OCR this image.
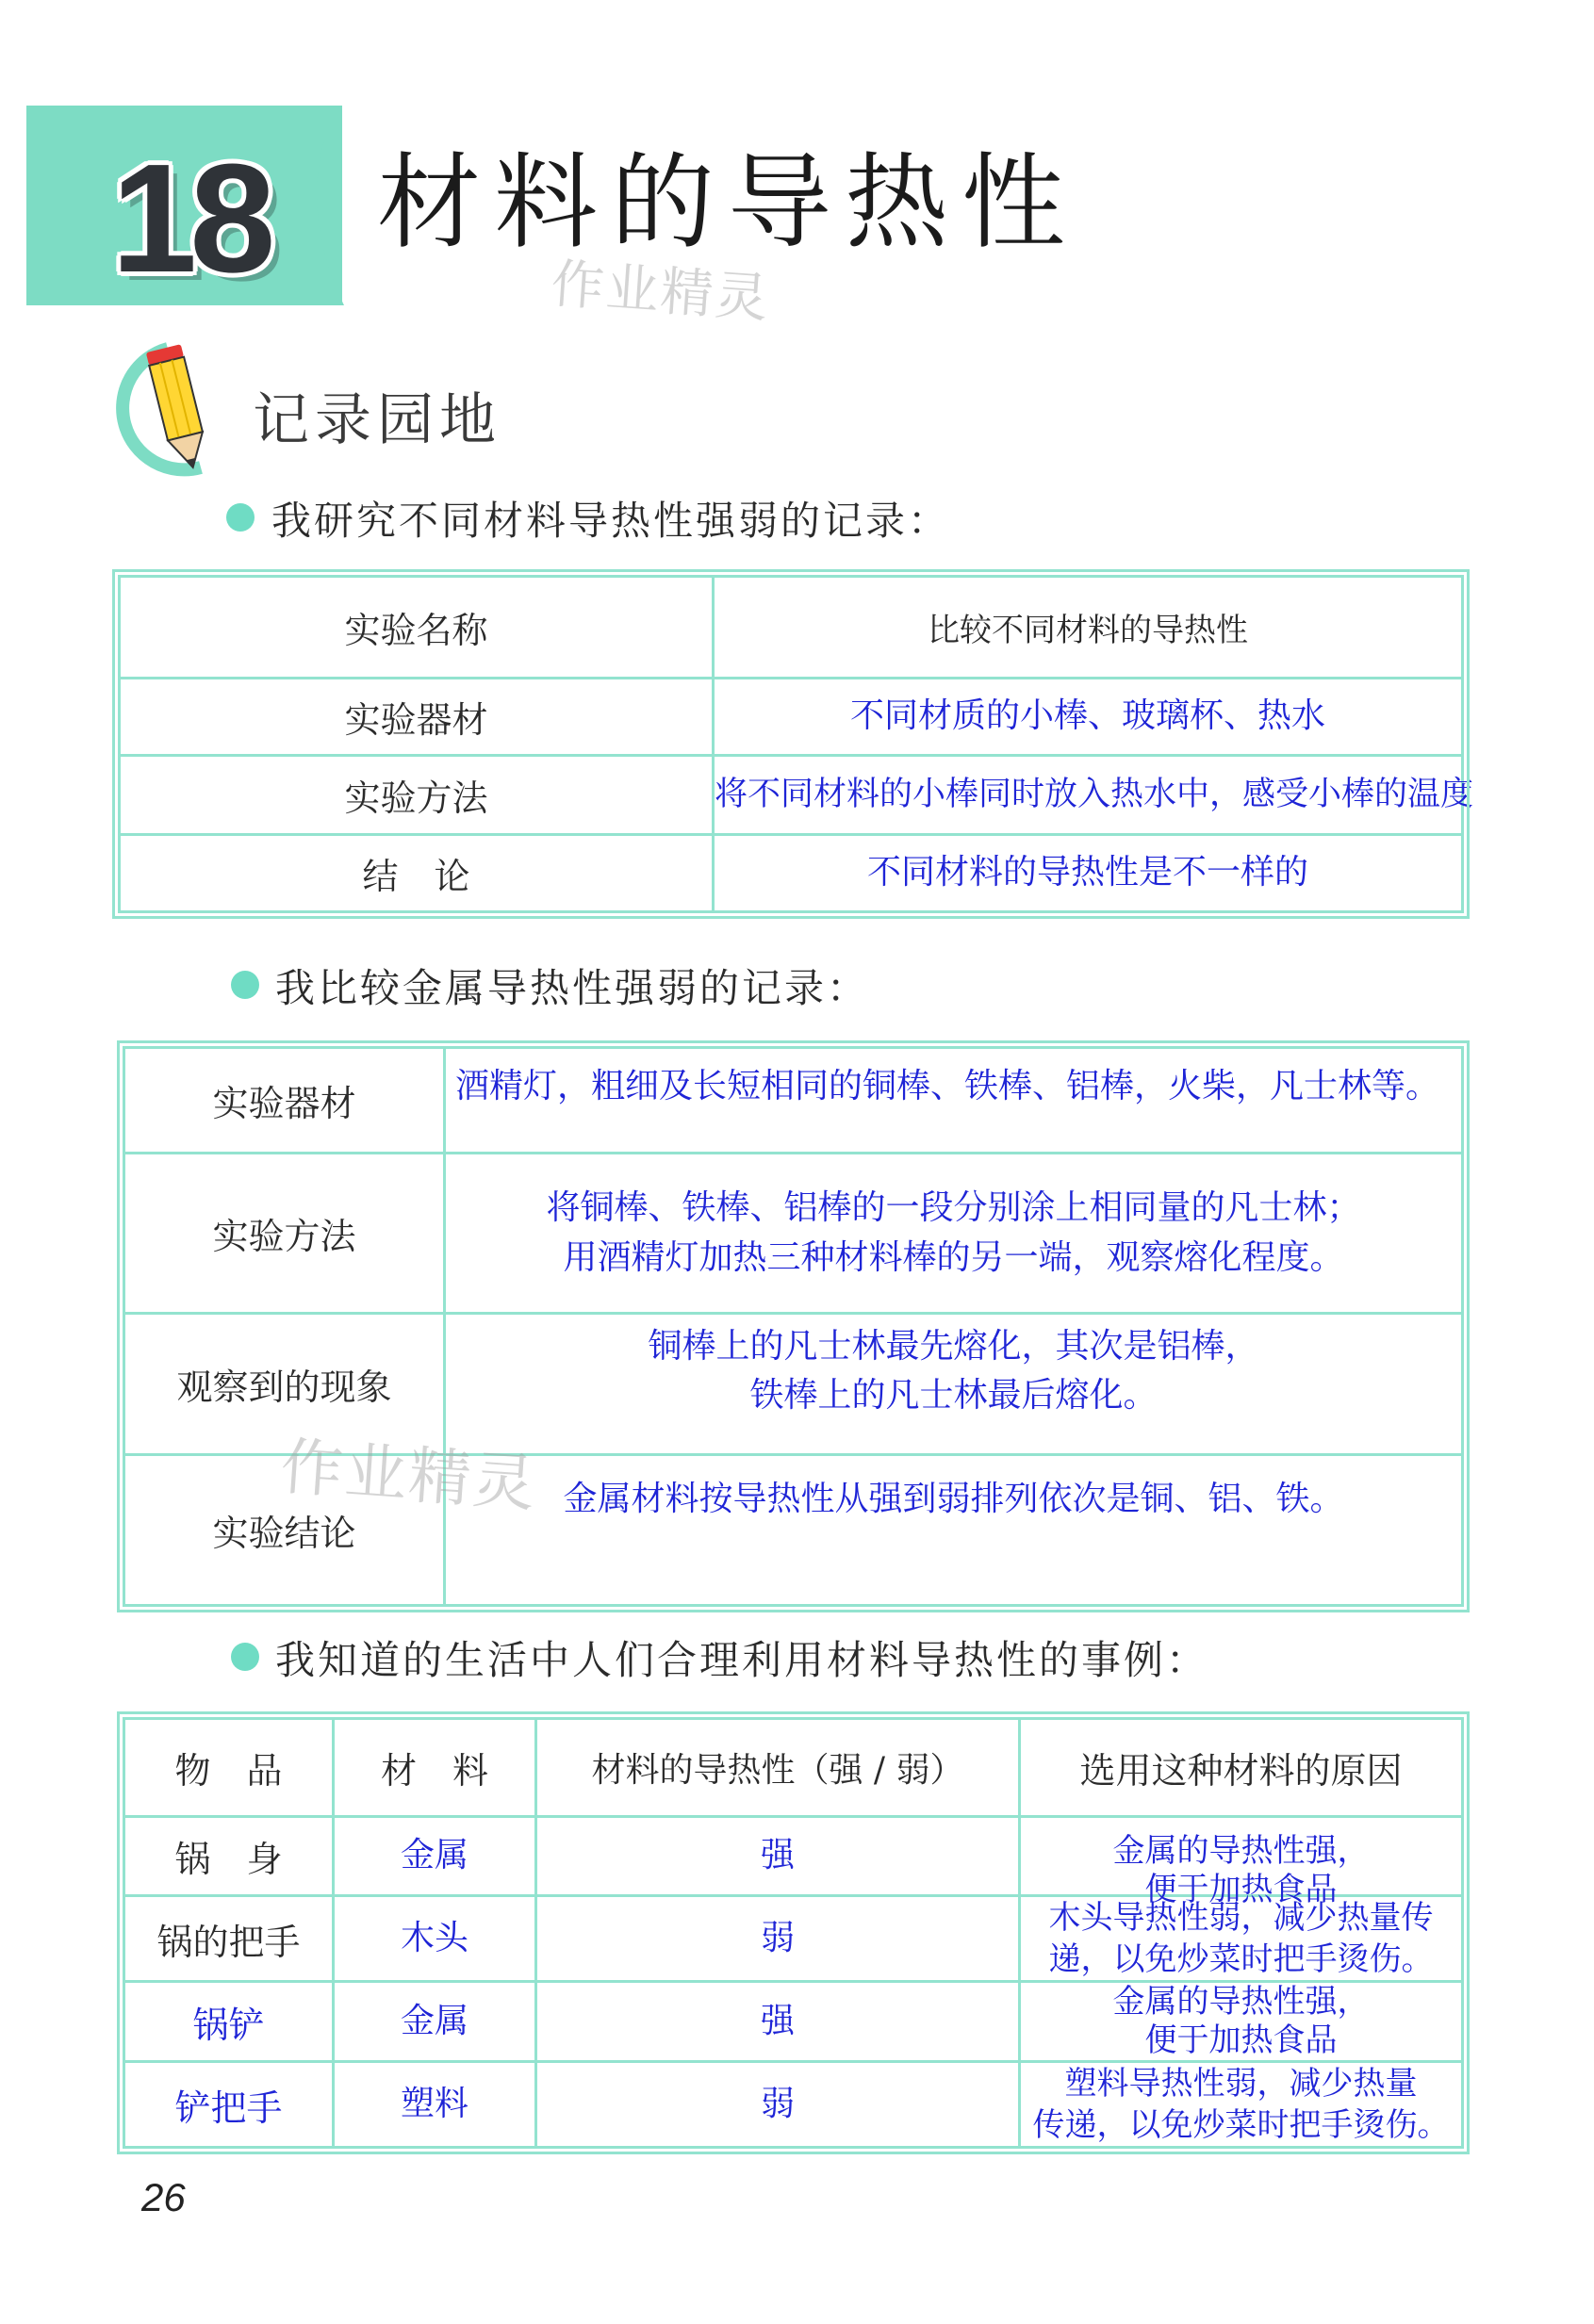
18 材料的导热性
作业精灵
记录园地
我研究不同材料导热性强弱的记录：
实验名称	比较不同材料的导热性
实验器材	不同材质的小棒、玻璃杯、热水
实验方法	将不同材料的小棒同时放入热水中，感受小棒的温度
结　论	不同材料的导热性是不一样的
我比较金属导热性强弱的记录：
实验器材	酒精灯，粗细及长短相同的铜棒、铁棒、铝棒，火柴，凡士林等。
实验方法	将铜棒、铁棒、铝棒的一段分别涂上相同量的凡士林；
用酒精灯加热三种材料棒的另一端，观察熔化程度。

观察到的现象	铜棒上的凡士林最先熔化，其次是铝棒，
铁棒上的凡士林最后熔化。

实验结论	金属材料按导热性从强到弱排列依次是铜、铝、铁。
作业精灵
我知道的生活中人们合理利用材料导热性的事例：
物　品	材　料	材料的导热性（强 / 弱）	选用这种材料的原因
锅　身	金属	强	金属的导热性强，
便于加热食品

锅的把手	木头	弱	木头导热性弱，减少热量传
递，以免炒菜时把手烫伤。

锅铲	金属	强	金属的导热性强，
便于加热食品

铲把手	塑料	弱	塑料导热性弱，减少热量
传递，以免炒菜时把手烫伤。
26
